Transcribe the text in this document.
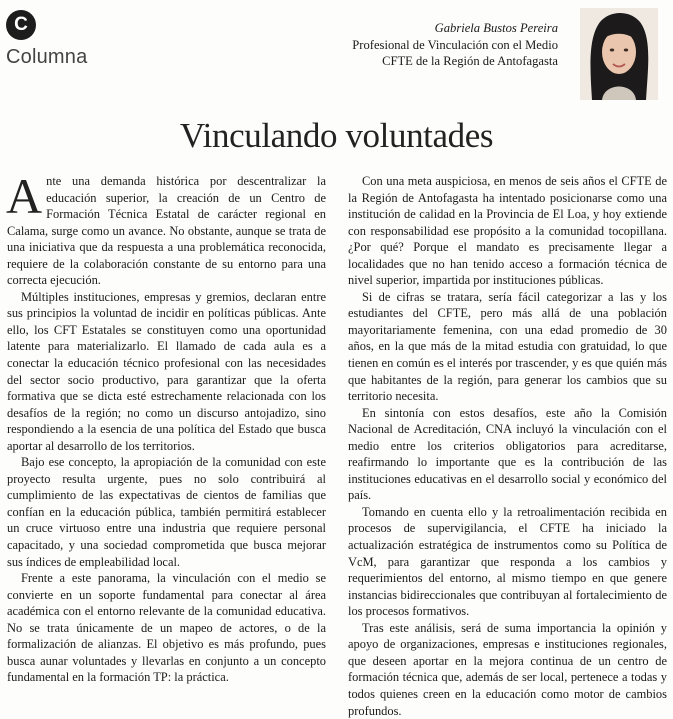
C
Columna
Gabriela Bustos Pereira
Profesional de Vinculación con el Medio
CFTE de la Región de Antofagasta
Vinculando voluntades

Ante una demanda histórica por descentralizar la educación superior, la creación de un Centro de Formación Técnica Estatal de carácter regional en Calama, surge como un avance. No obstante, aunque se trata de una iniciativa que da respuesta a una problemática reconocida, requiere de la colaboración constante de su entorno para una correcta ejecución.

Múltiples instituciones, empresas y gremios, declaran entre sus principios la voluntad de incidir en políticas públicas. Ante ello, los CFT Estatales se constituyen como una oportunidad latente para materializarlo. El llamado de cada aula es a conectar la educación técnico profesional con las necesidades del sector socio productivo, para garantizar que la oferta formativa que se dicta esté estrechamente relacionada con los desafíos de la región; no como un discurso antojadizo, sino respondiendo a la esencia de una política del Estado que busca aportar al desarrollo de los territorios.

Bajo ese concepto, la apropiación de la comunidad con este proyecto resulta urgente, pues no solo contribuirá al cumplimiento de las expectativas de cientos de familias que confían en la educación pública, también permitirá establecer un cruce virtuoso entre una industria que requiere personal capacitado, y una sociedad comprometida que busca mejorar sus índices de empleabilidad local.

Frente a este panorama, la vinculación con el medio se convierte en un soporte fundamental para conectar al área académica con el entorno relevante de la comunidad educativa. No se trata únicamente de un mapeo de actores, o de la formalización de alianzas. El objetivo es más profundo, pues busca aunar voluntades y llevarlas en conjunto a un concepto fundamental en la formación TP: la práctica.

Con una meta auspiciosa, en menos de seis años el CFTE de la Región de Antofagasta ha intentado posicionarse como una institución de calidad en la Provincia de El Loa, y hoy extiende con responsabilidad ese propósito a la comunidad tocopillana. ¿Por qué? Porque el mandato es precisamente llegar a localidades que no han tenido acceso a formación técnica de nivel superior, impartida por instituciones públicas.

Si de cifras se tratara, sería fácil categorizar a las y los estudiantes del CFTE, pero más allá de una población mayoritariamente femenina, con una edad promedio de 30 años, en la que más de la mitad estudia con gratuidad, lo que tienen en común es el interés por trascender, y es que quién más que habitantes de la región, para generar los cambios que su territorio necesita.

En sintonía con estos desafíos, este año la Comisión Nacional de Acreditación, CNA incluyó la vinculación con el medio entre los criterios obligatorios para acreditarse, reafirmando lo importante que es la contribución de las instituciones educativas en el desarrollo social y económico del país.

Tomando en cuenta ello y la retroalimentación recibida en procesos de supervigilancia, el CFTE ha iniciado la actualización estratégica de instrumentos como su Política de VcM, para garantizar que responda a los cambios y requerimientos del entorno, al mismo tiempo en que genere instancias bidireccionales que contribuyan al fortalecimiento de los procesos formativos.

Tras este análisis, será de suma importancia la opinión y apoyo de organizaciones, empresas e instituciones regionales, que deseen aportar en la mejora continua de un centro de formación técnica que, además de ser local, pertenece a todas y todos quienes creen en la educación como motor de cambios profundos.
